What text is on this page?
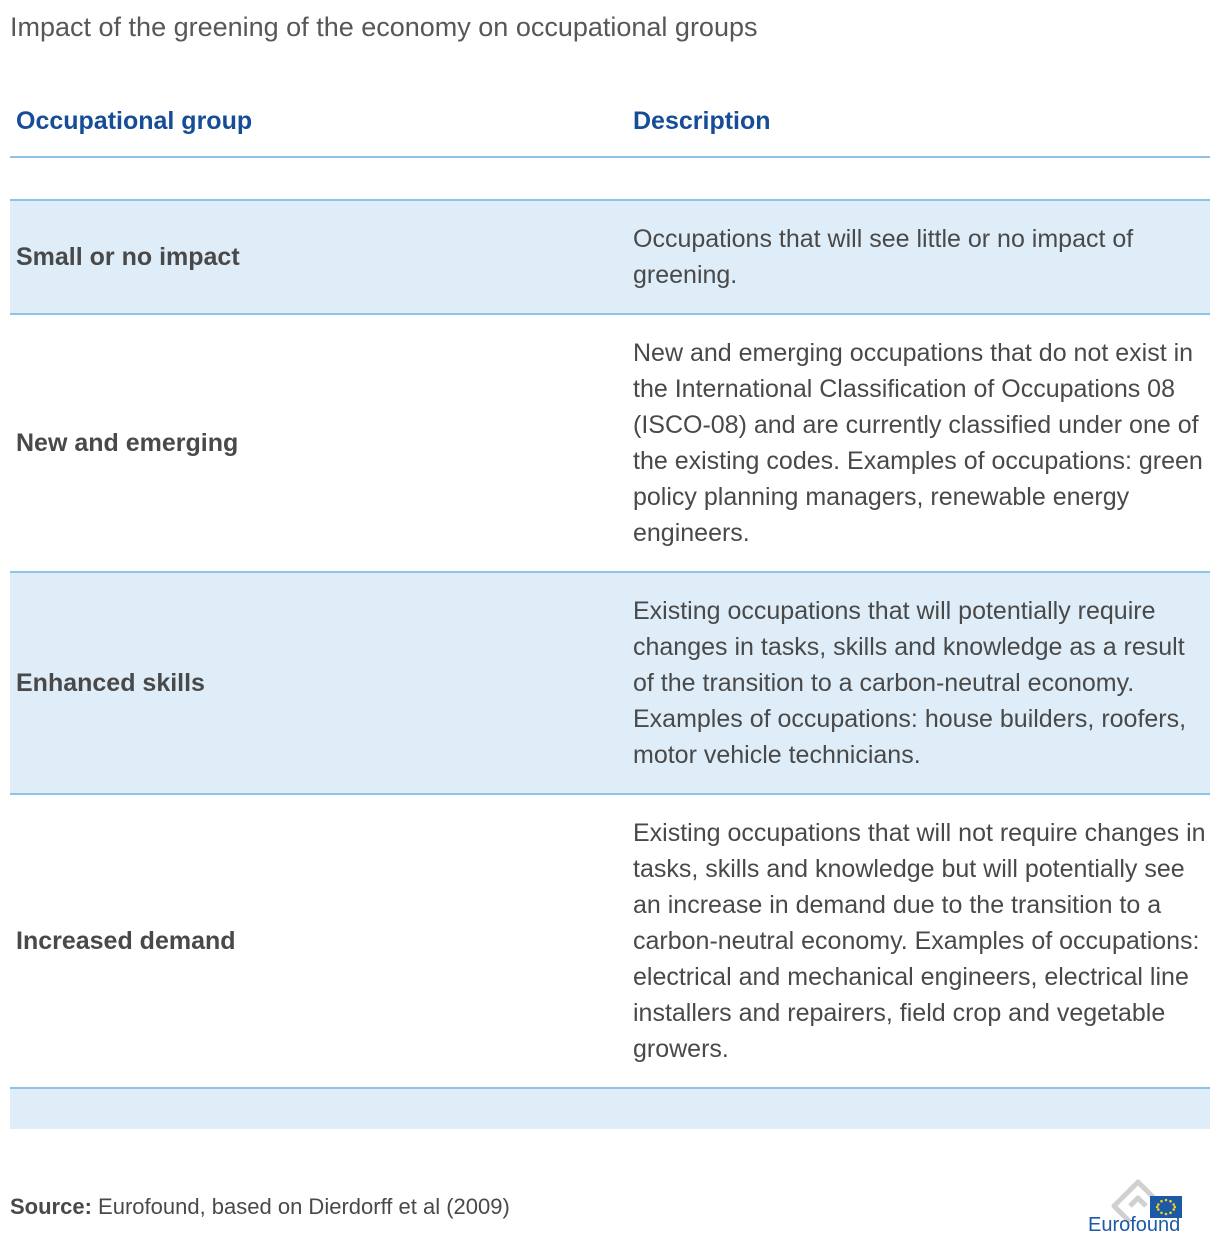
Impact of the greening of the economy on occupational groups
Occupational group	Description
Small or no impact
Occupations that will see little or no impact of greening.
New and emerging
New and emerging occupations that do not exist in the International Classification of Occupations 08 (ISCO-08) and are currently classified under one of the existing codes. Examples of occupations: green policy planning managers, renewable energy engineers.
Enhanced skills
Existing occupations that will potentially require changes in tasks, skills and knowledge as a result of the transition to a carbon-neutral economy. Examples of occupations: house builders, roofers, motor vehicle technicians.
Increased demand
Existing occupations that will not require changes in tasks, skills and knowledge but will potentially see an increase in demand due to the transition to a carbon-neutral economy. Examples of occupations: electrical and mechanical engineers, electrical line installers and repairers, field crop and vegetable growers.
Source: Eurofound, based on Dierdorff et al (2009)
Eurofound
